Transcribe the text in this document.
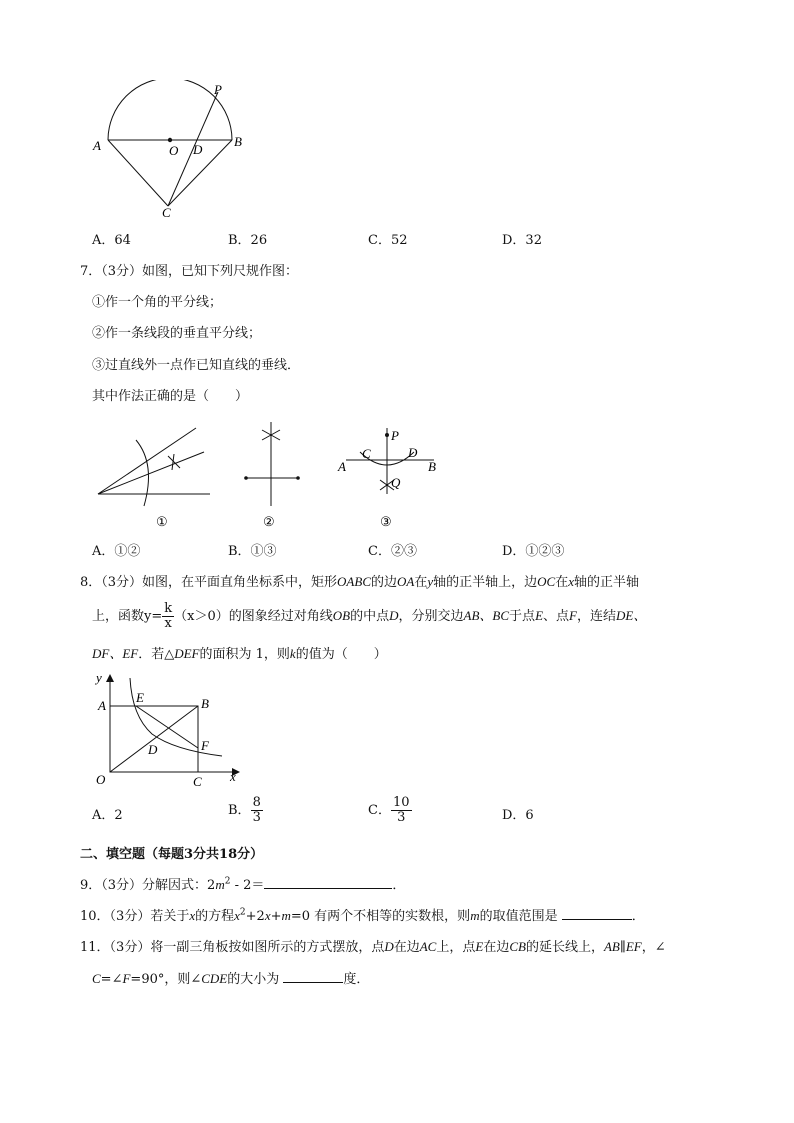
A	B
O D
P
C
A．64	B．26	C．52	D．32
7．（3分）如图，已知下列尺规作图：
①作一个角的平分线；
②作一条线段的垂直平分线；
③过直线外一点作已知直线的垂线．
其中作法正确的是（　　）
①	②
P
C	D
A	B
Q
③
A．①②	B．①③	C．②③	D．①②③
8．（3分）如图，在平面直角坐标系中，矩形OABC的边OA在y轴的正半轴上，边OC在x轴的正半轴
上，函数$y= \frac{k}{x} (x>0)$的图象经过对角线OB的中点D，分别交边AB、BC于点E、点F，连结DE、
DF、EF．若△DEF的面积为 1，则k的值为（　　）
y
A
E	B
D	F
O	C x
A．2	B． $\frac{8}{3}$	C． $\frac{10}{3}$	D．6
二、填空题（每题3分共18分）
9．（3分）分解因式：$2m^2 - 2=$	．
10．（3分）若关于x的方程$x^2+2x+m=0$ 有两个不相等的实数根，则m的取值范围是	．
11．（3分）将一副三角板按如图所示的方式摆放，点D在边AC上，点E在边CB的延长线上，AB∥EF，∠
C=∠F=90°，则∠CDE的大小为	度．
